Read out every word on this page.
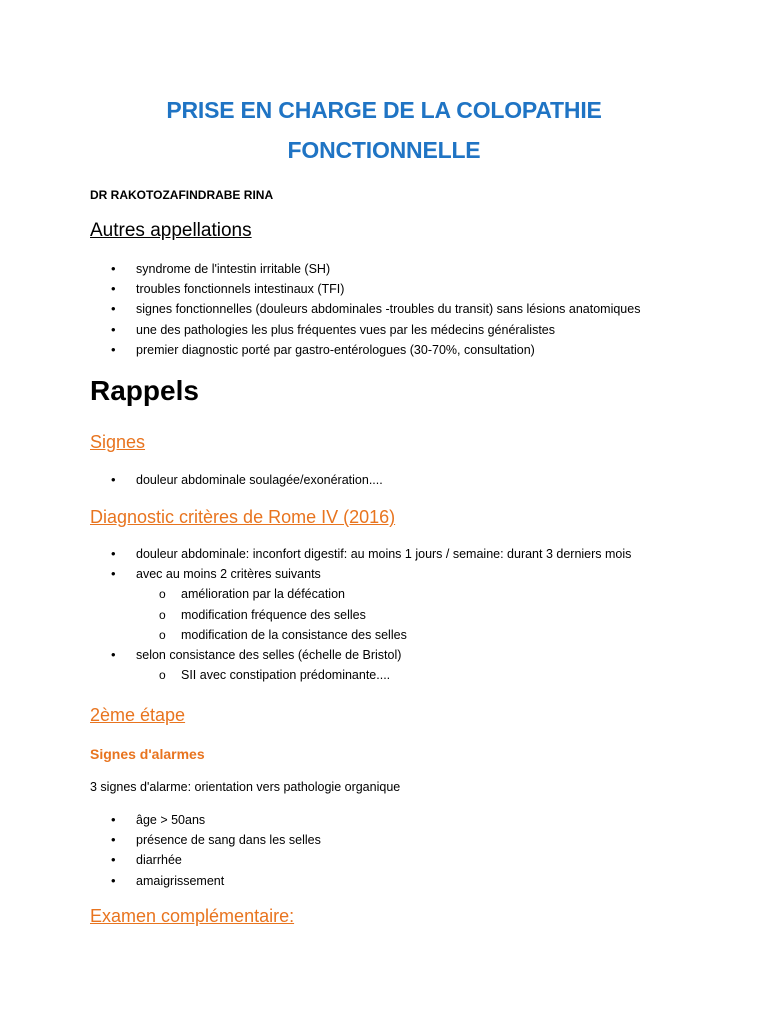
PRISE EN CHARGE DE LA COLOPATHIE
FONCTIONNELLE

DR RAKOTOZAFINDRABE RINA

Autres appellations
• syndrome de l'intestin irritable (SH)
• troubles fonctionnels intestinaux (TFI)
• signes fonctionnelles (douleurs abdominales -troubles du transit) sans lésions anatomiques
• une des pathologies les plus fréquentes vues par les médecins généralistes
• premier diagnostic porté par gastro-entérologues (30-70%, consultation)
Rappels
Signes
• douleur abdominale soulagée/exonération....
Diagnostic critères de Rome IV (2016)
• douleur abdominale: inconfort digestif: au moins 1 jours / semaine: durant 3 derniers mois
• avec au moins 2 critères suivants
o amélioration par la défécation
o modification fréquence des selles
o modification de la consistance des selles
• selon consistance des selles (échelle de Bristol)
o SII avec constipation prédominante....
2ème étape
Signes d'alarmes

3 signes d'alarme: orientation vers pathologie organique

• âge > 50ans
• présence de sang dans les selles
• diarrhée
• amaigrissement
Examen complémentaire:
